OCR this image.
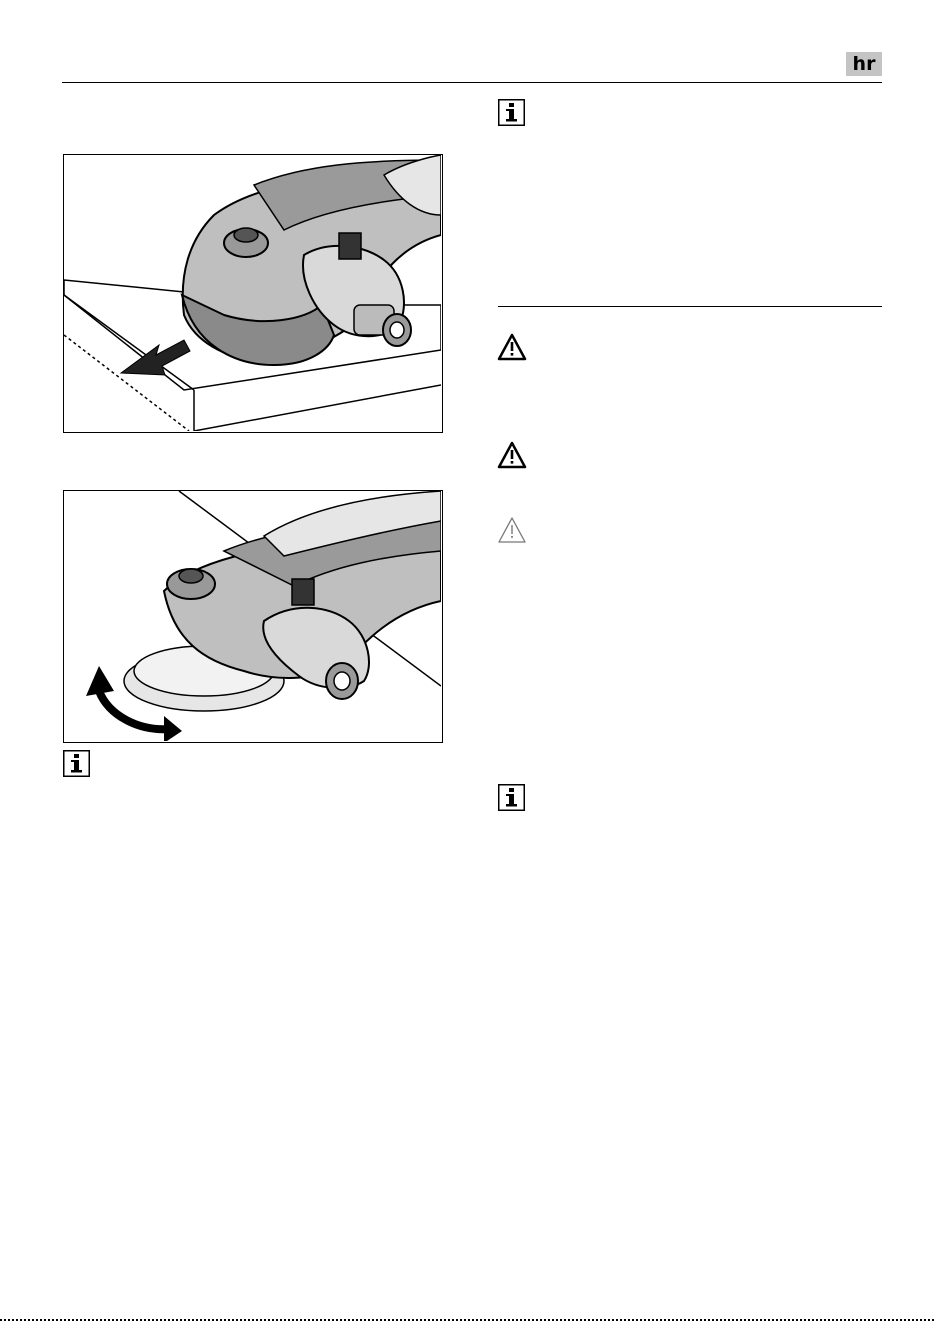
hr
